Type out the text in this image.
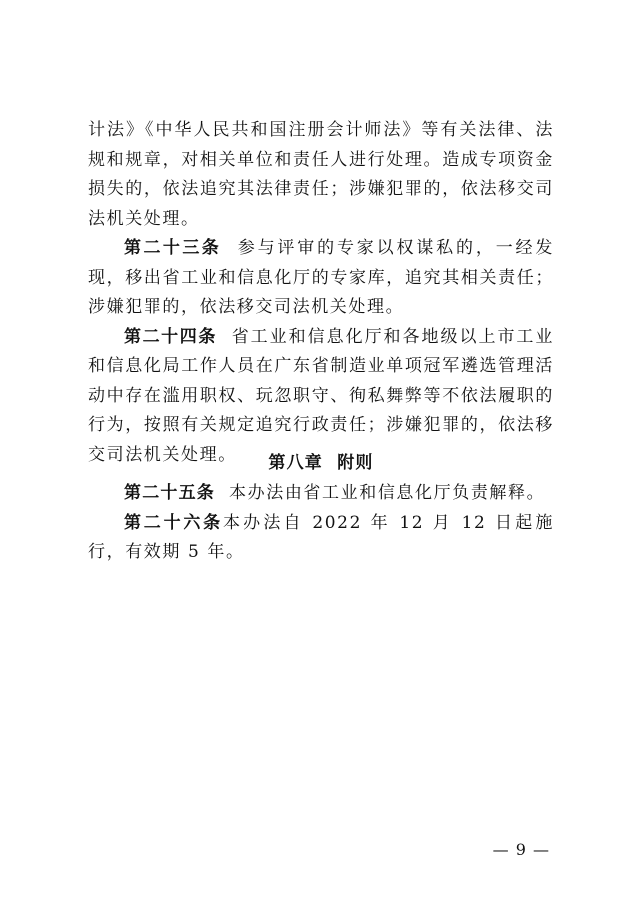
计法》《中华人民共和国注册会计师法》等有关法律、法规和规章，对相关单位和责任人进行处理。造成专项资金损失的，依法追究其法律责任；涉嫌犯罪的，依法移交司法机关处理。

第二十三条 参与评审的专家以权谋私的，一经发现，移出省工业和信息化厅的专家库，追究其相关责任；涉嫌犯罪的，依法移交司法机关处理。

第二十四条 省工业和信息化厅和各地级以上市工业和信息化局工作人员在广东省制造业单项冠军遴选管理活动中存在滥用职权、玩忽职守、徇私舞弊等不依法履职的行为，按照有关规定追究行政责任；涉嫌犯罪的，依法移交司法机关处理。	第八章  附则

第二十五条 本办法由省工业和信息化厅负责解释。

第二十六条本办法自 2022 年 12 月 12 日起施行，有效期 5 年。

— 9 —
